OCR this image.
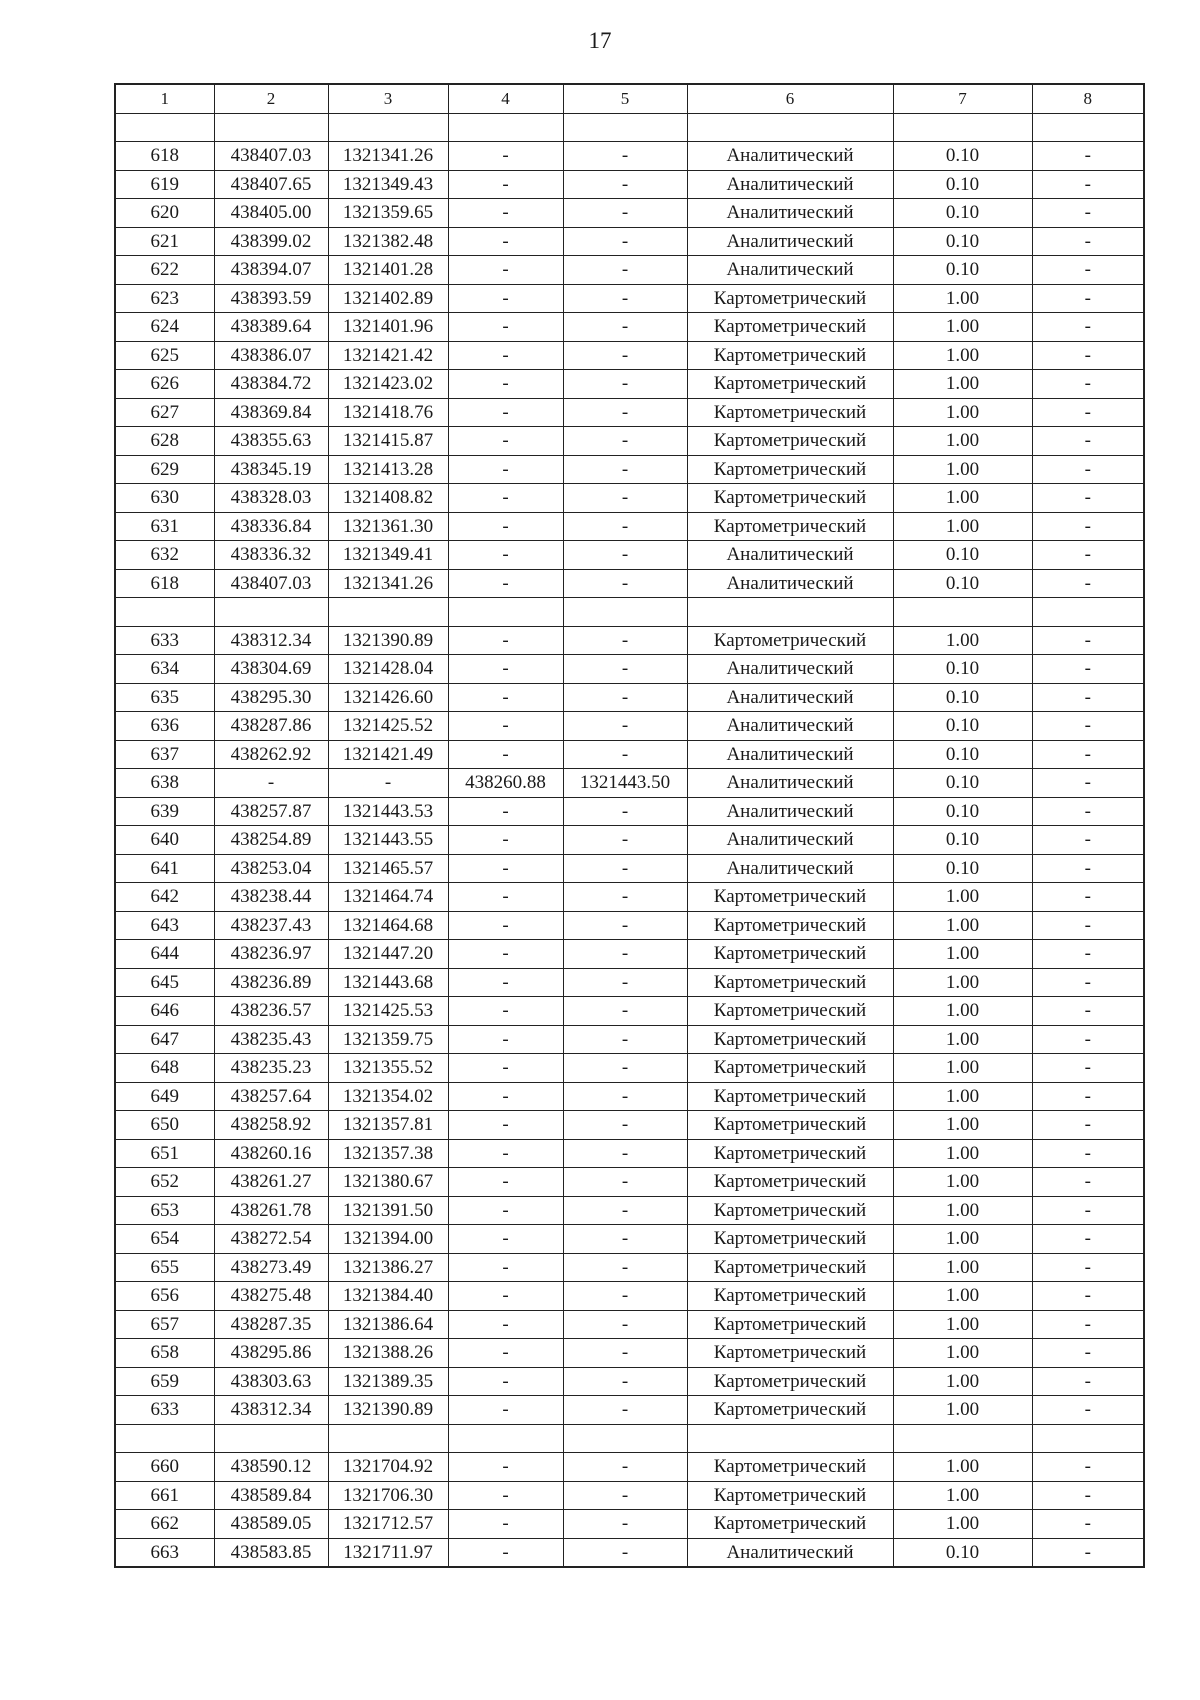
17
1	2	3	4	5	6	7	8

618	438407.03	1321341.26	-	-	Аналитический	0.10	-
619	438407.65	1321349.43	-	-	Аналитический	0.10	-
620	438405.00	1321359.65	-	-	Аналитический	0.10	-
621	438399.02	1321382.48	-	-	Аналитический	0.10	-
622	438394.07	1321401.28	-	-	Аналитический	0.10	-
623	438393.59	1321402.89	-	-	Картометрический	1.00	-
624	438389.64	1321401.96	-	-	Картометрический	1.00	-
625	438386.07	1321421.42	-	-	Картометрический	1.00	-
626	438384.72	1321423.02	-	-	Картометрический	1.00	-
627	438369.84	1321418.76	-	-	Картометрический	1.00	-
628	438355.63	1321415.87	-	-	Картометрический	1.00	-
629	438345.19	1321413.28	-	-	Картометрический	1.00	-
630	438328.03	1321408.82	-	-	Картометрический	1.00	-
631	438336.84	1321361.30	-	-	Картометрический	1.00	-
632	438336.32	1321349.41	-	-	Аналитический	0.10	-
618	438407.03	1321341.26	-	-	Аналитический	0.10	-

633	438312.34	1321390.89	-	-	Картометрический	1.00	-
634	438304.69	1321428.04	-	-	Аналитический	0.10	-
635	438295.30	1321426.60	-	-	Аналитический	0.10	-
636	438287.86	1321425.52	-	-	Аналитический	0.10	-
637	438262.92	1321421.49	-	-	Аналитический	0.10	-
638	-	-	438260.88	1321443.50	Аналитический	0.10	-
639	438257.87	1321443.53	-	-	Аналитический	0.10	-
640	438254.89	1321443.55	-	-	Аналитический	0.10	-
641	438253.04	1321465.57	-	-	Аналитический	0.10	-
642	438238.44	1321464.74	-	-	Картометрический	1.00	-
643	438237.43	1321464.68	-	-	Картометрический	1.00	-
644	438236.97	1321447.20	-	-	Картометрический	1.00	-
645	438236.89	1321443.68	-	-	Картометрический	1.00	-
646	438236.57	1321425.53	-	-	Картометрический	1.00	-
647	438235.43	1321359.75	-	-	Картометрический	1.00	-
648	438235.23	1321355.52	-	-	Картометрический	1.00	-
649	438257.64	1321354.02	-	-	Картометрический	1.00	-
650	438258.92	1321357.81	-	-	Картометрический	1.00	-
651	438260.16	1321357.38	-	-	Картометрический	1.00	-
652	438261.27	1321380.67	-	-	Картометрический	1.00	-
653	438261.78	1321391.50	-	-	Картометрический	1.00	-
654	438272.54	1321394.00	-	-	Картометрический	1.00	-
655	438273.49	1321386.27	-	-	Картометрический	1.00	-
656	438275.48	1321384.40	-	-	Картометрический	1.00	-
657	438287.35	1321386.64	-	-	Картометрический	1.00	-
658	438295.86	1321388.26	-	-	Картометрический	1.00	-
659	438303.63	1321389.35	-	-	Картометрический	1.00	-
633	438312.34	1321390.89	-	-	Картометрический	1.00	-

660	438590.12	1321704.92	-	-	Картометрический	1.00	-
661	438589.84	1321706.30	-	-	Картометрический	1.00	-
662	438589.05	1321712.57	-	-	Картометрический	1.00	-
663	438583.85	1321711.97	-	-	Аналитический	0.10	-
